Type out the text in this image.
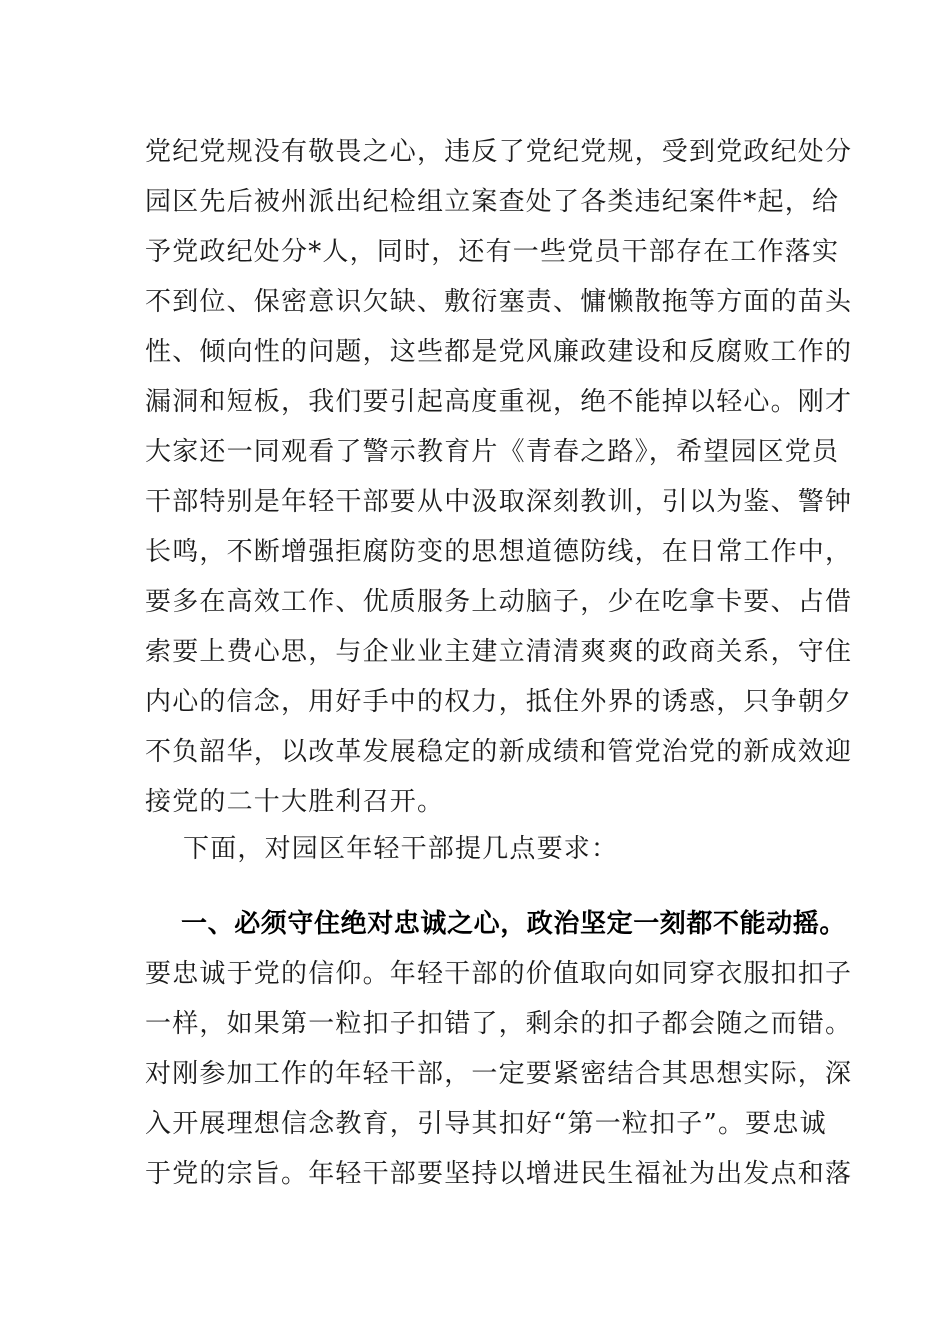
党纪党规没有敬畏之心，违反了党纪党规，受到党政纪处分
园区先后被州派出纪检组立案查处了各类违纪案件*起，给
予党政纪处分*人，同时，还有一些党员干部存在工作落实
不到位、保密意识欠缺、敷衍塞责、慵懒散拖等方面的苗头
性、倾向性的问题，这些都是党风廉政建设和反腐败工作的
漏洞和短板，我们要引起高度重视，绝不能掉以轻心。刚才
大家还一同观看了警示教育片《青春之路》，希望园区党员
干部特别是年轻干部要从中汲取深刻教训，引以为鉴、警钟
长鸣，不断增强拒腐防变的思想道德防线，在日常工作中，
要多在高效工作、优质服务上动脑子，少在吃拿卡要、占借
索要上费心思，与企业业主建立清清爽爽的政商关系，守住
内心的信念，用好手中的权力，抵住外界的诱惑，只争朝夕
不负韶华，以改革发展稳定的新成绩和管党治党的新成效迎
接党的二十大胜利召开。
下面，对园区年轻干部提几点要求：
一、必须守住绝对忠诚之心，政治坚定一刻都不能动摇。
要忠诚于党的信仰。年轻干部的价值取向如同穿衣服扣扣子
一样，如果第一粒扣子扣错了，剩余的扣子都会随之而错。
对刚参加工作的年轻干部，一定要紧密结合其思想实际，深
入开展理想信念教育，引导其扣好“第一粒扣子”。要忠诚
于党的宗旨。年轻干部要坚持以增进民生福祉为出发点和落
